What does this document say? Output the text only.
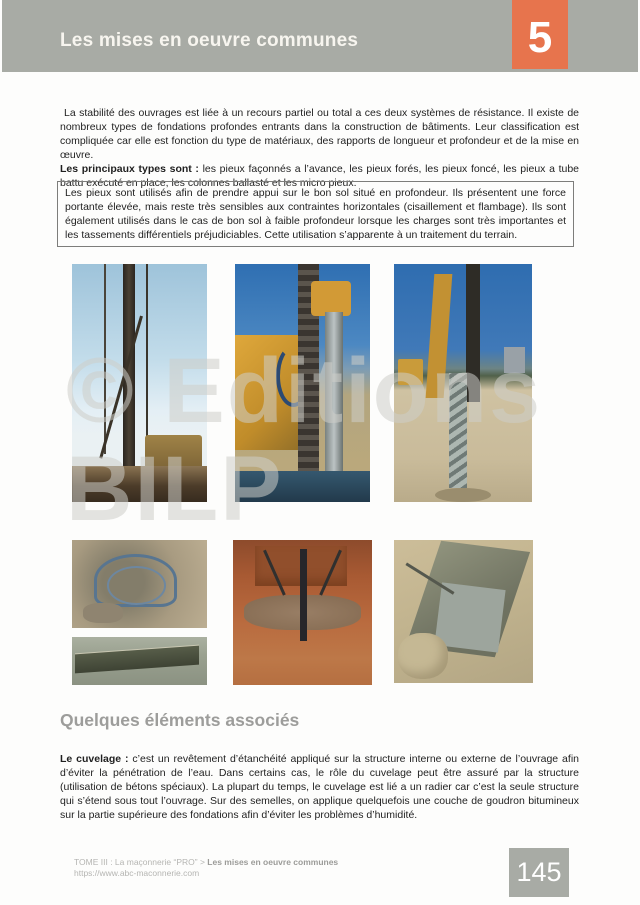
Les mises en oeuvre communes	5

La stabilité des ouvrages est liée à un recours partiel ou total a ces deux systèmes de résistance. Il existe de nombreux types de fondations profondes entrants dans la construction de bâtiments. Leur classification est compliquée car elle est fonction du type de matériaux, des rapports de longueur et profondeur et de la mise en œuvre.

Les principaux types sont : les pieux façonnés a l’avance, les pieux forés, les pieux foncé, les pieux a tube battu exécuté en place, les colonnes ballasté et les micro pieux.

Les pieux sont utilisés afin de prendre appui sur le bon sol situé en profondeur. Ils présentent une force portante élevée, mais reste très sensibles aux contraintes horizontales (cisaillement et flambage). Ils sont également utilisés dans le cas de bon sol à faible profondeur lorsque les charges sont très importantes et les tassements différentiels préjudiciables. Cette utilisation s’apparente à un traitement du terrain.
© Editions
BILP
Quelques éléments associés

Le cuvelage : c’est un revêtement d’étanchéité appliqué sur la structure interne ou externe de l’ouvrage afin d’éviter la pénétration de l’eau. Dans certains cas, le rôle du cuvelage peut être assuré par la structure (utilisation de bétons spéciaux). La plupart du temps, le cuvelage est lié a un radier car c’est la seule structure qui s’étend sous tout l’ouvrage. Sur des semelles, on applique quelquefois une couche de goudron bitumineux sur la partie supérieure des fondations afin d’éviter les problèmes d’humidité.

TOME III : La maçonnerie “PRO” > Les mises en oeuvre communes
https://www.abc-maconnerie.com	145
